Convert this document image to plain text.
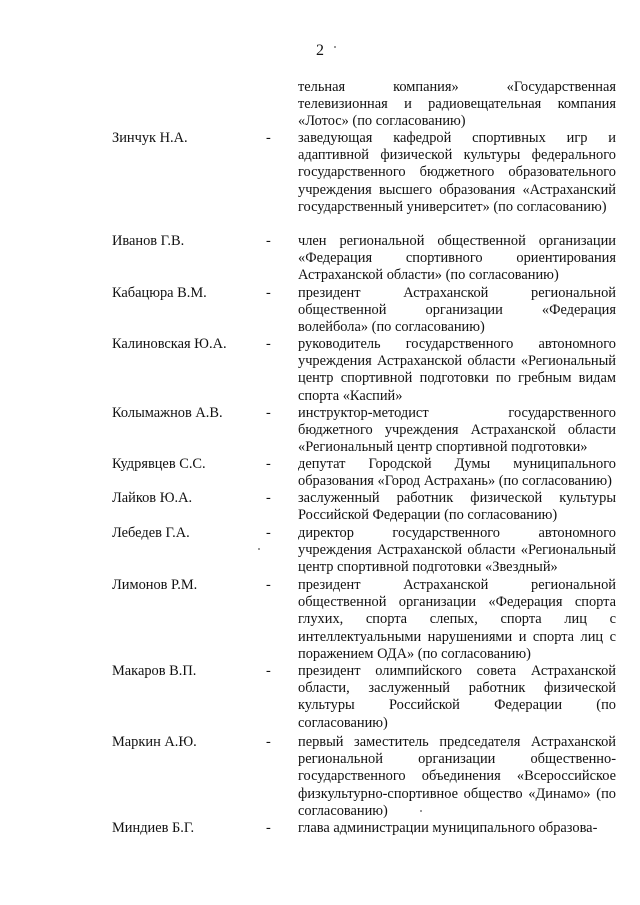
2
тельная компания» «Государственная телевизионная и радиовещательная компания «Лотос» (по согласованию)
Зинчук Н.А.	- заведующая кафедрой спортивных игр и адаптивной физической культуры федерального государственного бюджетного образовательного учреждения высшего образования «Астраханский государственный университет» (по согласованию)
Иванов Г.В.	- член региональной общественной организации «Федерация спортивного ориентирования Астраханской области» (по согласованию)
Кабацюра В.М.	- президент Астраханской региональной общественной организации «Федерация волейбола» (по согласованию)
Калиновская Ю.А.	- руководитель государственного автономного учреждения Астраханской области «Региональный центр спортивной подготовки по гребным видам спорта «Каспий»
Колымажнов А.В.	- инструктор-методист государственного бюджетного учреждения Астраханской области «Региональный центр спортивной подготовки»
Кудрявцев С.С.	- депутат Городской Думы муниципального образования «Город Астрахань» (по согласованию)
Лайков Ю.А.	- заслуженный работник физической культуры Российской Федерации (по согласованию)
Лебедев Г.А.	- директор государственного автономного учреждения Астраханской области «Региональный центр спортивной подготовки «Звездный»
Лимонов Р.М.	- президент Астраханской региональной общественной организации «Федерация спорта глухих, спорта слепых, спорта лиц с интеллектуальными нарушениями и спорта лиц с поражением ОДА» (по согласованию)
Макаров В.П.	- президент олимпийского совета Астраханской области, заслуженный работник физической культуры Российской Федерации (по согласованию)
Маркин А.Ю.	- первый заместитель председателя Астраханской региональной организации общественно-государственного объединения «Всероссийское физкультурно-спортивное общество «Динамо» (по согласованию)
Миндиев Б.Г.	- глава администрации муниципального образова-
